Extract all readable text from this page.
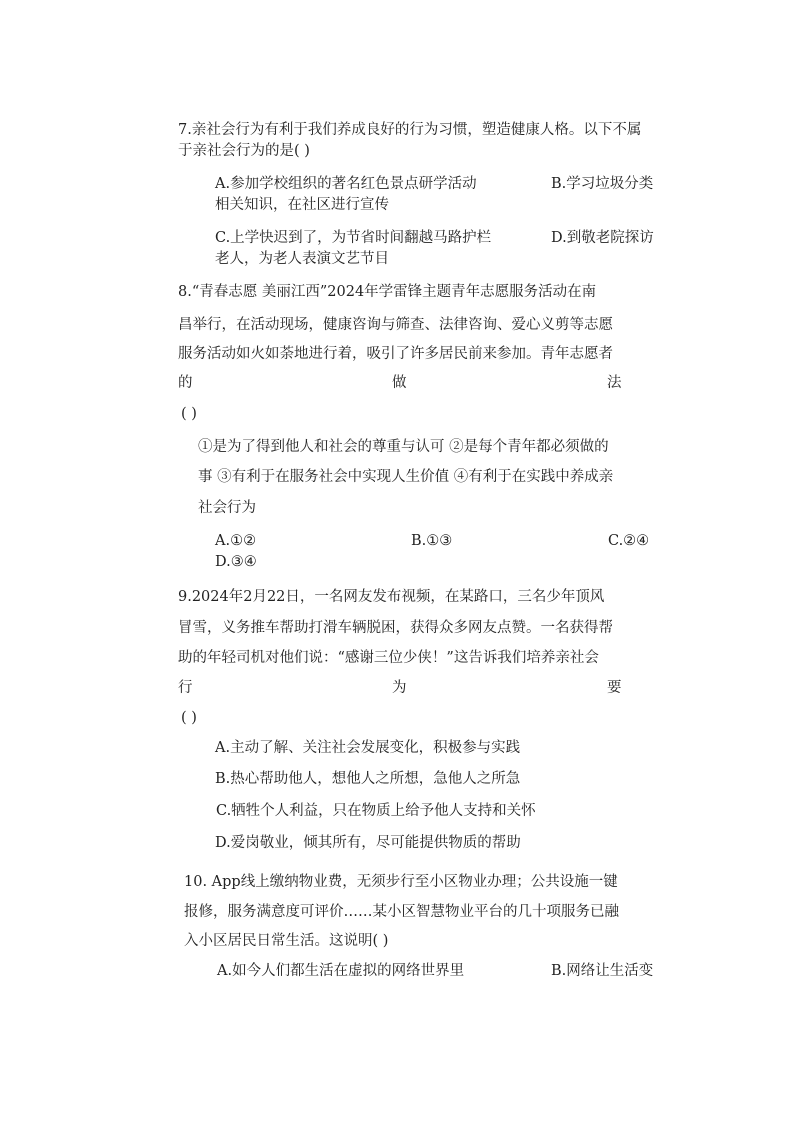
7.亲社会行为有利于我们养成良好的行为习惯，塑造健康人格。以下不属
于亲社会行为的是( )
A.参加学校组织的著名红色景点研学活动	B.学习垃圾分类
相关知识，在社区进行宣传
C.上学快迟到了，为节省时间翻越马路护栏	D.到敬老院探访
老人，为老人表演文艺节目
8.“青春志愿 美丽江西”2024年学雷锋主题青年志愿服务活动在南
昌举行，在活动现场，健康咨询与筛查、法律咨询、爱心义剪等志愿
服务活动如火如荼地进行着，吸引了许多居民前来参加。青年志愿者
的	做	法
( )
①是为了得到他人和社会的尊重与认可 ②是每个青年都必须做的
事 ③有利于在服务社会中实现人生价值 ④有利于在实践中养成亲
社会行为
A.①②	B.①③	C.②④
D.③④
9.2024年2月22日，一名网友发布视频，在某路口，三名少年顶风
冒雪，义务推车帮助打滑车辆脱困，获得众多网友点赞。一名获得帮
助的年轻司机对他们说：“感谢三位少侠！”这告诉我们培养亲社会
行	为	要
( )
A.主动了解、关注社会发展变化，积极参与实践
B.热心帮助他人，想他人之所想，急他人之所急
C.牺牲个人利益，只在物质上给予他人支持和关怀
D.爱岗敬业，倾其所有，尽可能提供物质的帮助
10. App线上缴纳物业费，无须步行至小区物业办理；公共设施一键
报修，服务满意度可评价……某小区智慧物业平台的几十项服务已融
入小区居民日常生活。这说明( )
A.如今人们都生活在虚拟的网络世界里	B.网络让生活变
